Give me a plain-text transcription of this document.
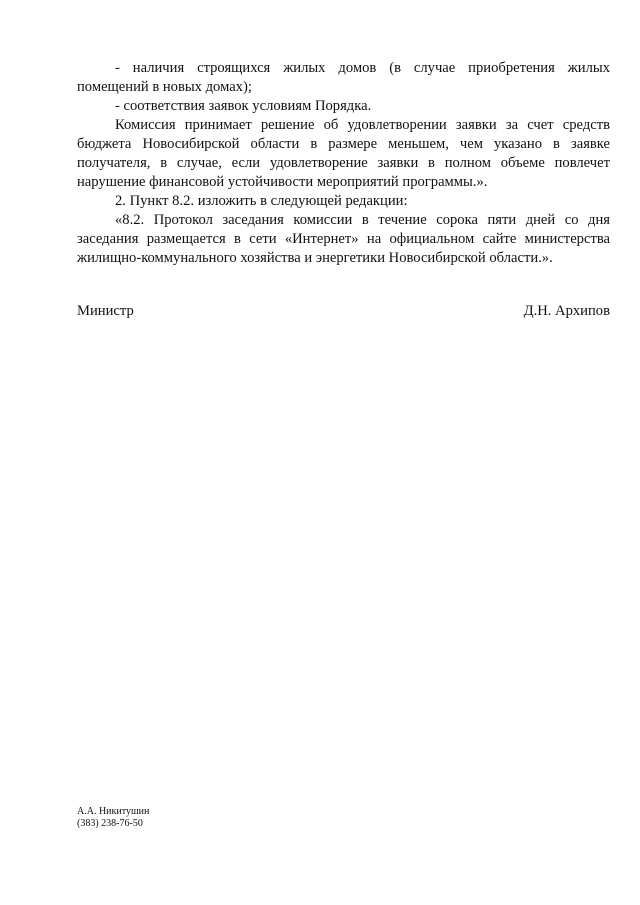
- наличия строящихся жилых домов (в случае приобретения жилых помещений в новых домах);

- соответствия заявок условиям Порядка.

Комиссия принимает решение об удовлетворении заявки за счет средств бюджета Новосибирской области в размере меньшем, чем указано в заявке получателя, в случае, если удовлетворение заявки в полном объеме повлечет нарушение финансовой устойчивости мероприятий программы.».

2. Пункт 8.2. изложить в следующей редакции:

«8.2. Протокол заседания комиссии в течение сорока пяти дней со дня заседания размещается в сети «Интернет» на официальном сайте министерства жилищно-коммунального хозяйства и энергетики Новосибирской области.».

Министр	Д.Н. Архипов
А.А. Никитушин
(383) 238-76-50
